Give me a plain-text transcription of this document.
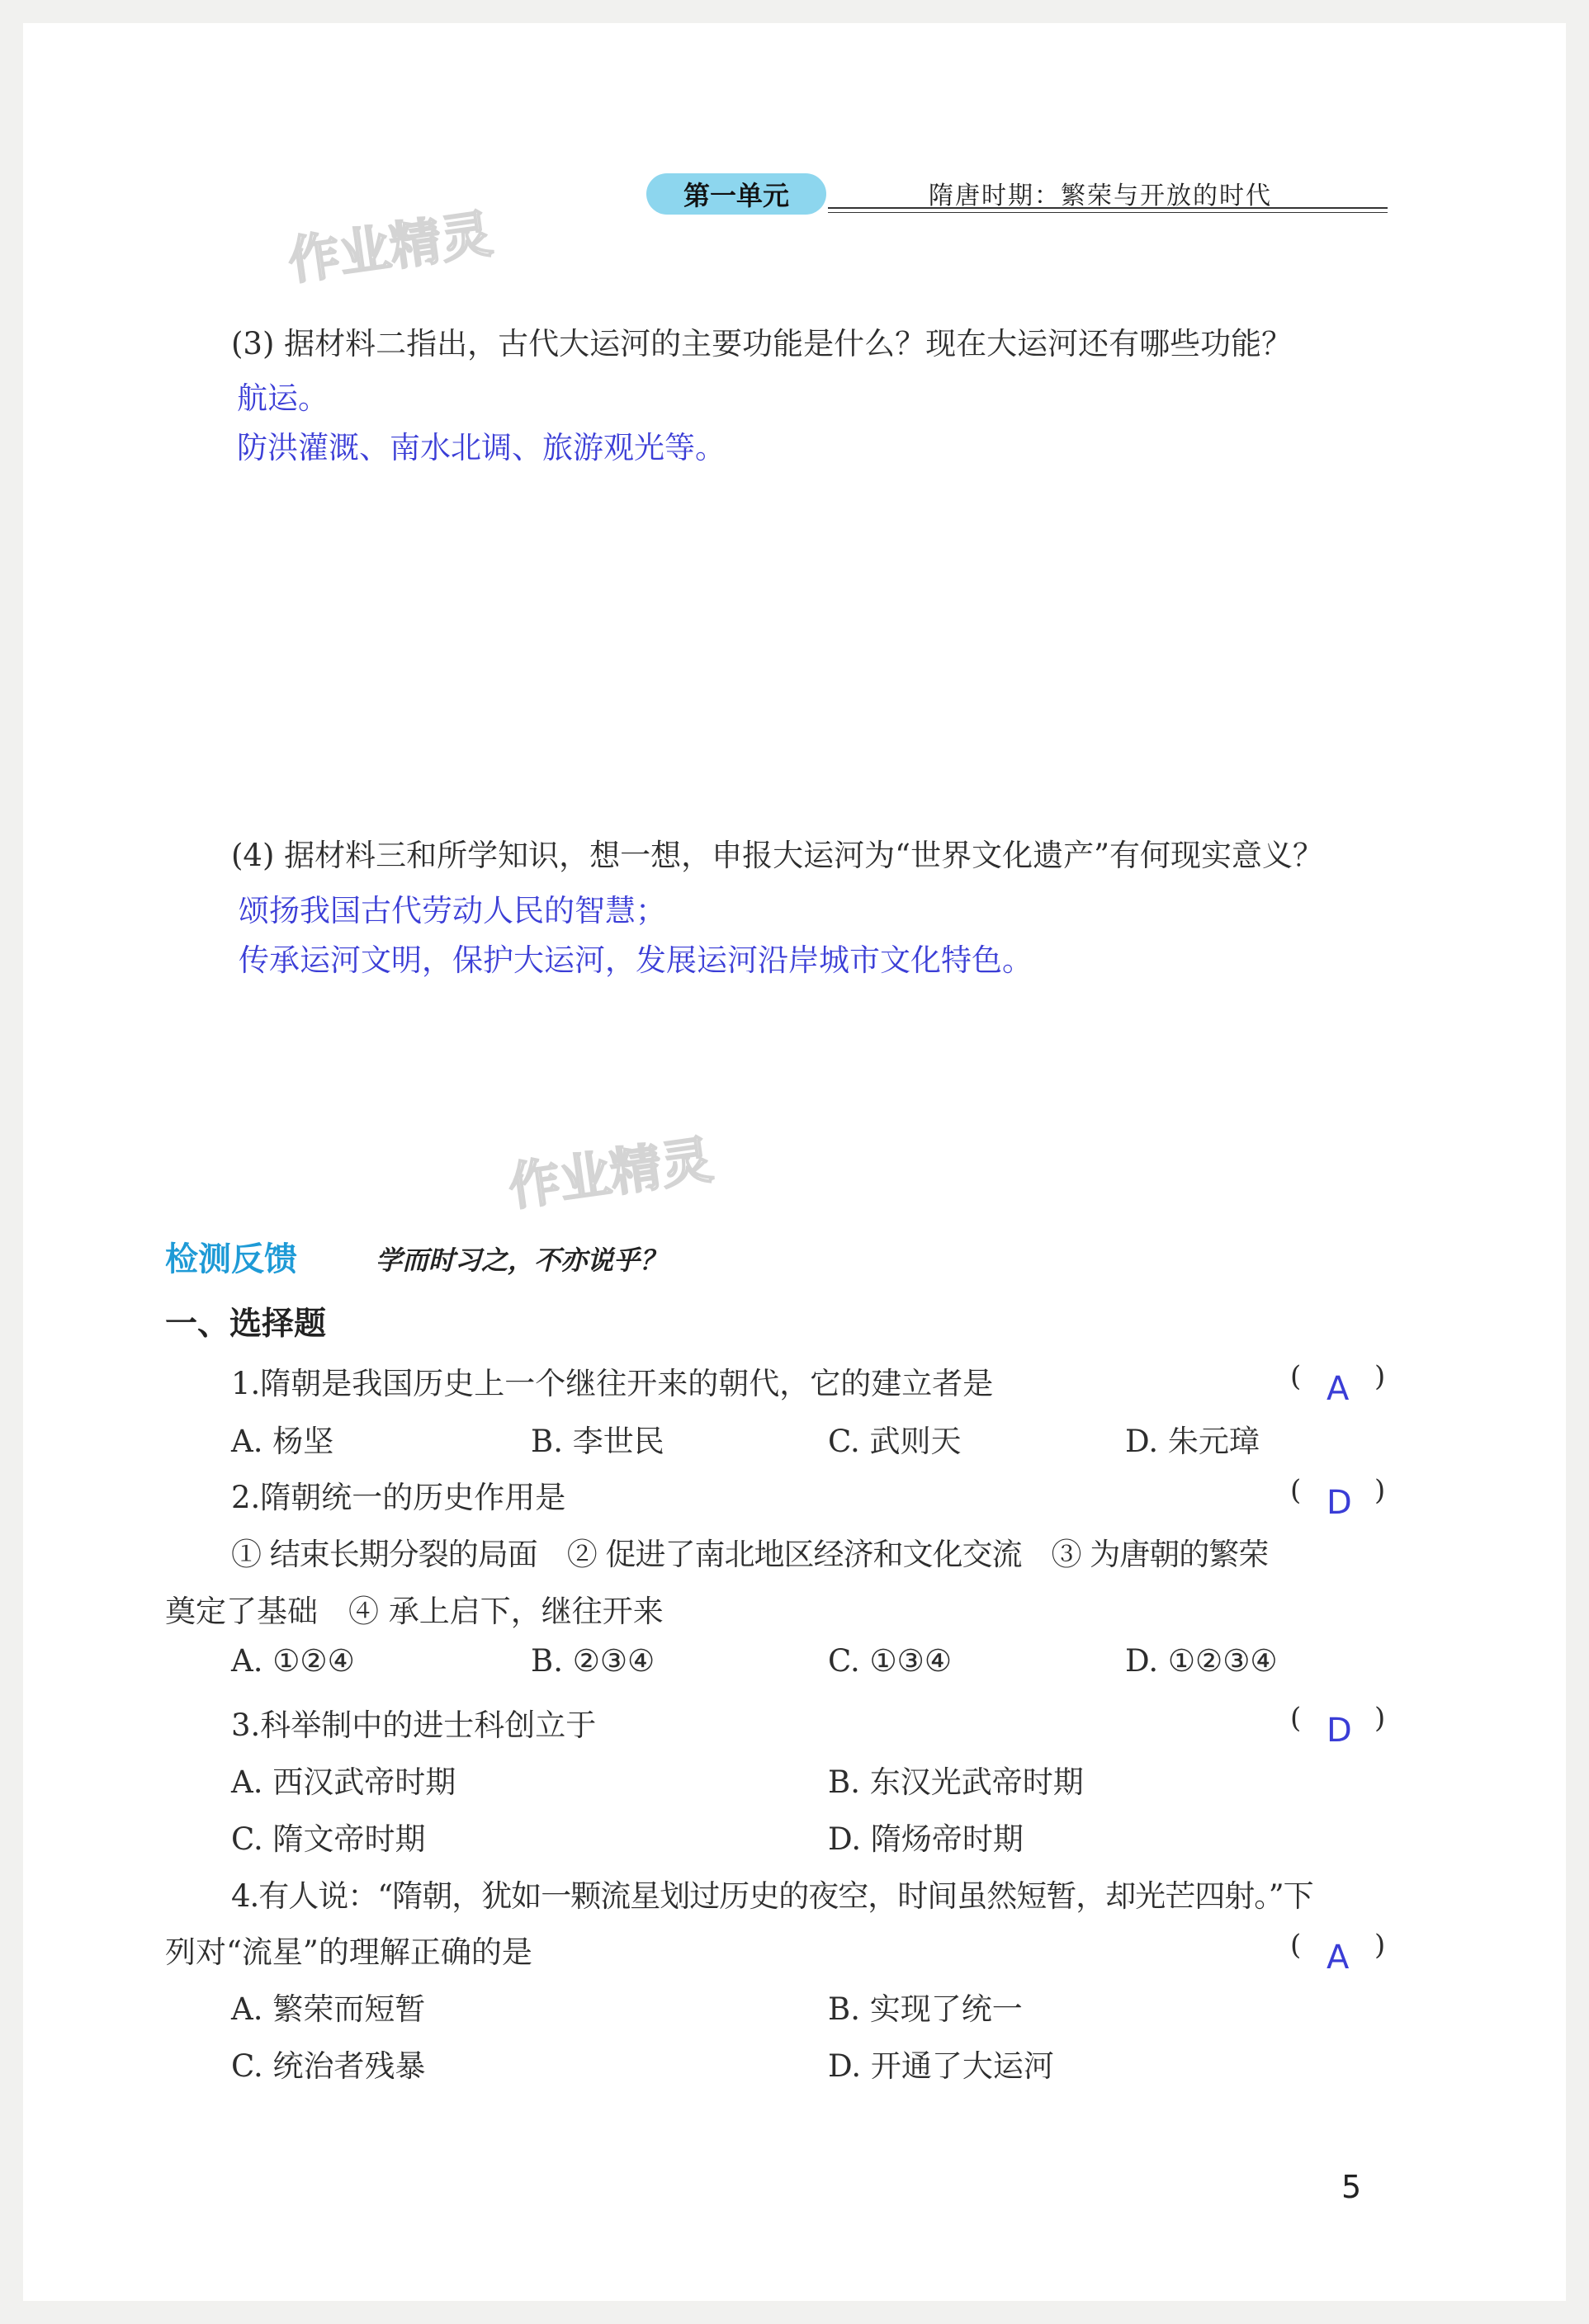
第一单元	隋唐时期：繁荣与开放的时代
作业精灵
(3) 据材料二指出，古代大运河的主要功能是什么？现在大运河还有哪些功能？
航运。
防洪灌溉、南水北调、旅游观光等。
(4) 据材料三和所学知识，想一想，申报大运河为“世界文化遗产”有何现实意义？
颂扬我国古代劳动人民的智慧；
传承运河文明，保护大运河，发展运河沿岸城市文化特色。
作业精灵
检测反馈	学而时习之，不亦说乎？
一、选择题
1.隋朝是我国历史上一个继往开来的朝代，它的建立者是	( A )
A. 杨坚	B. 李世民	C. 武则天	D. 朱元璋
2.隋朝统一的历史作用是	( D )
① 结束长期分裂的局面　② 促进了南北地区经济和文化交流　③ 为唐朝的繁荣
奠定了基础　④ 承上启下，继往开来
A. ①②④	B. ②③④	C. ①③④	D. ①②③④
3.科举制中的进士科创立于	( D )
A. 西汉武帝时期	B. 东汉光武帝时期
C. 隋文帝时期	D. 隋炀帝时期
4.有人说：“隋朝，犹如一颗流星划过历史的夜空，时间虽然短暂，却光芒四射。”下
列对“流星”的理解正确的是	( A )
A. 繁荣而短暂	B. 实现了统一
C. 统治者残暴	D. 开通了大运河
5
